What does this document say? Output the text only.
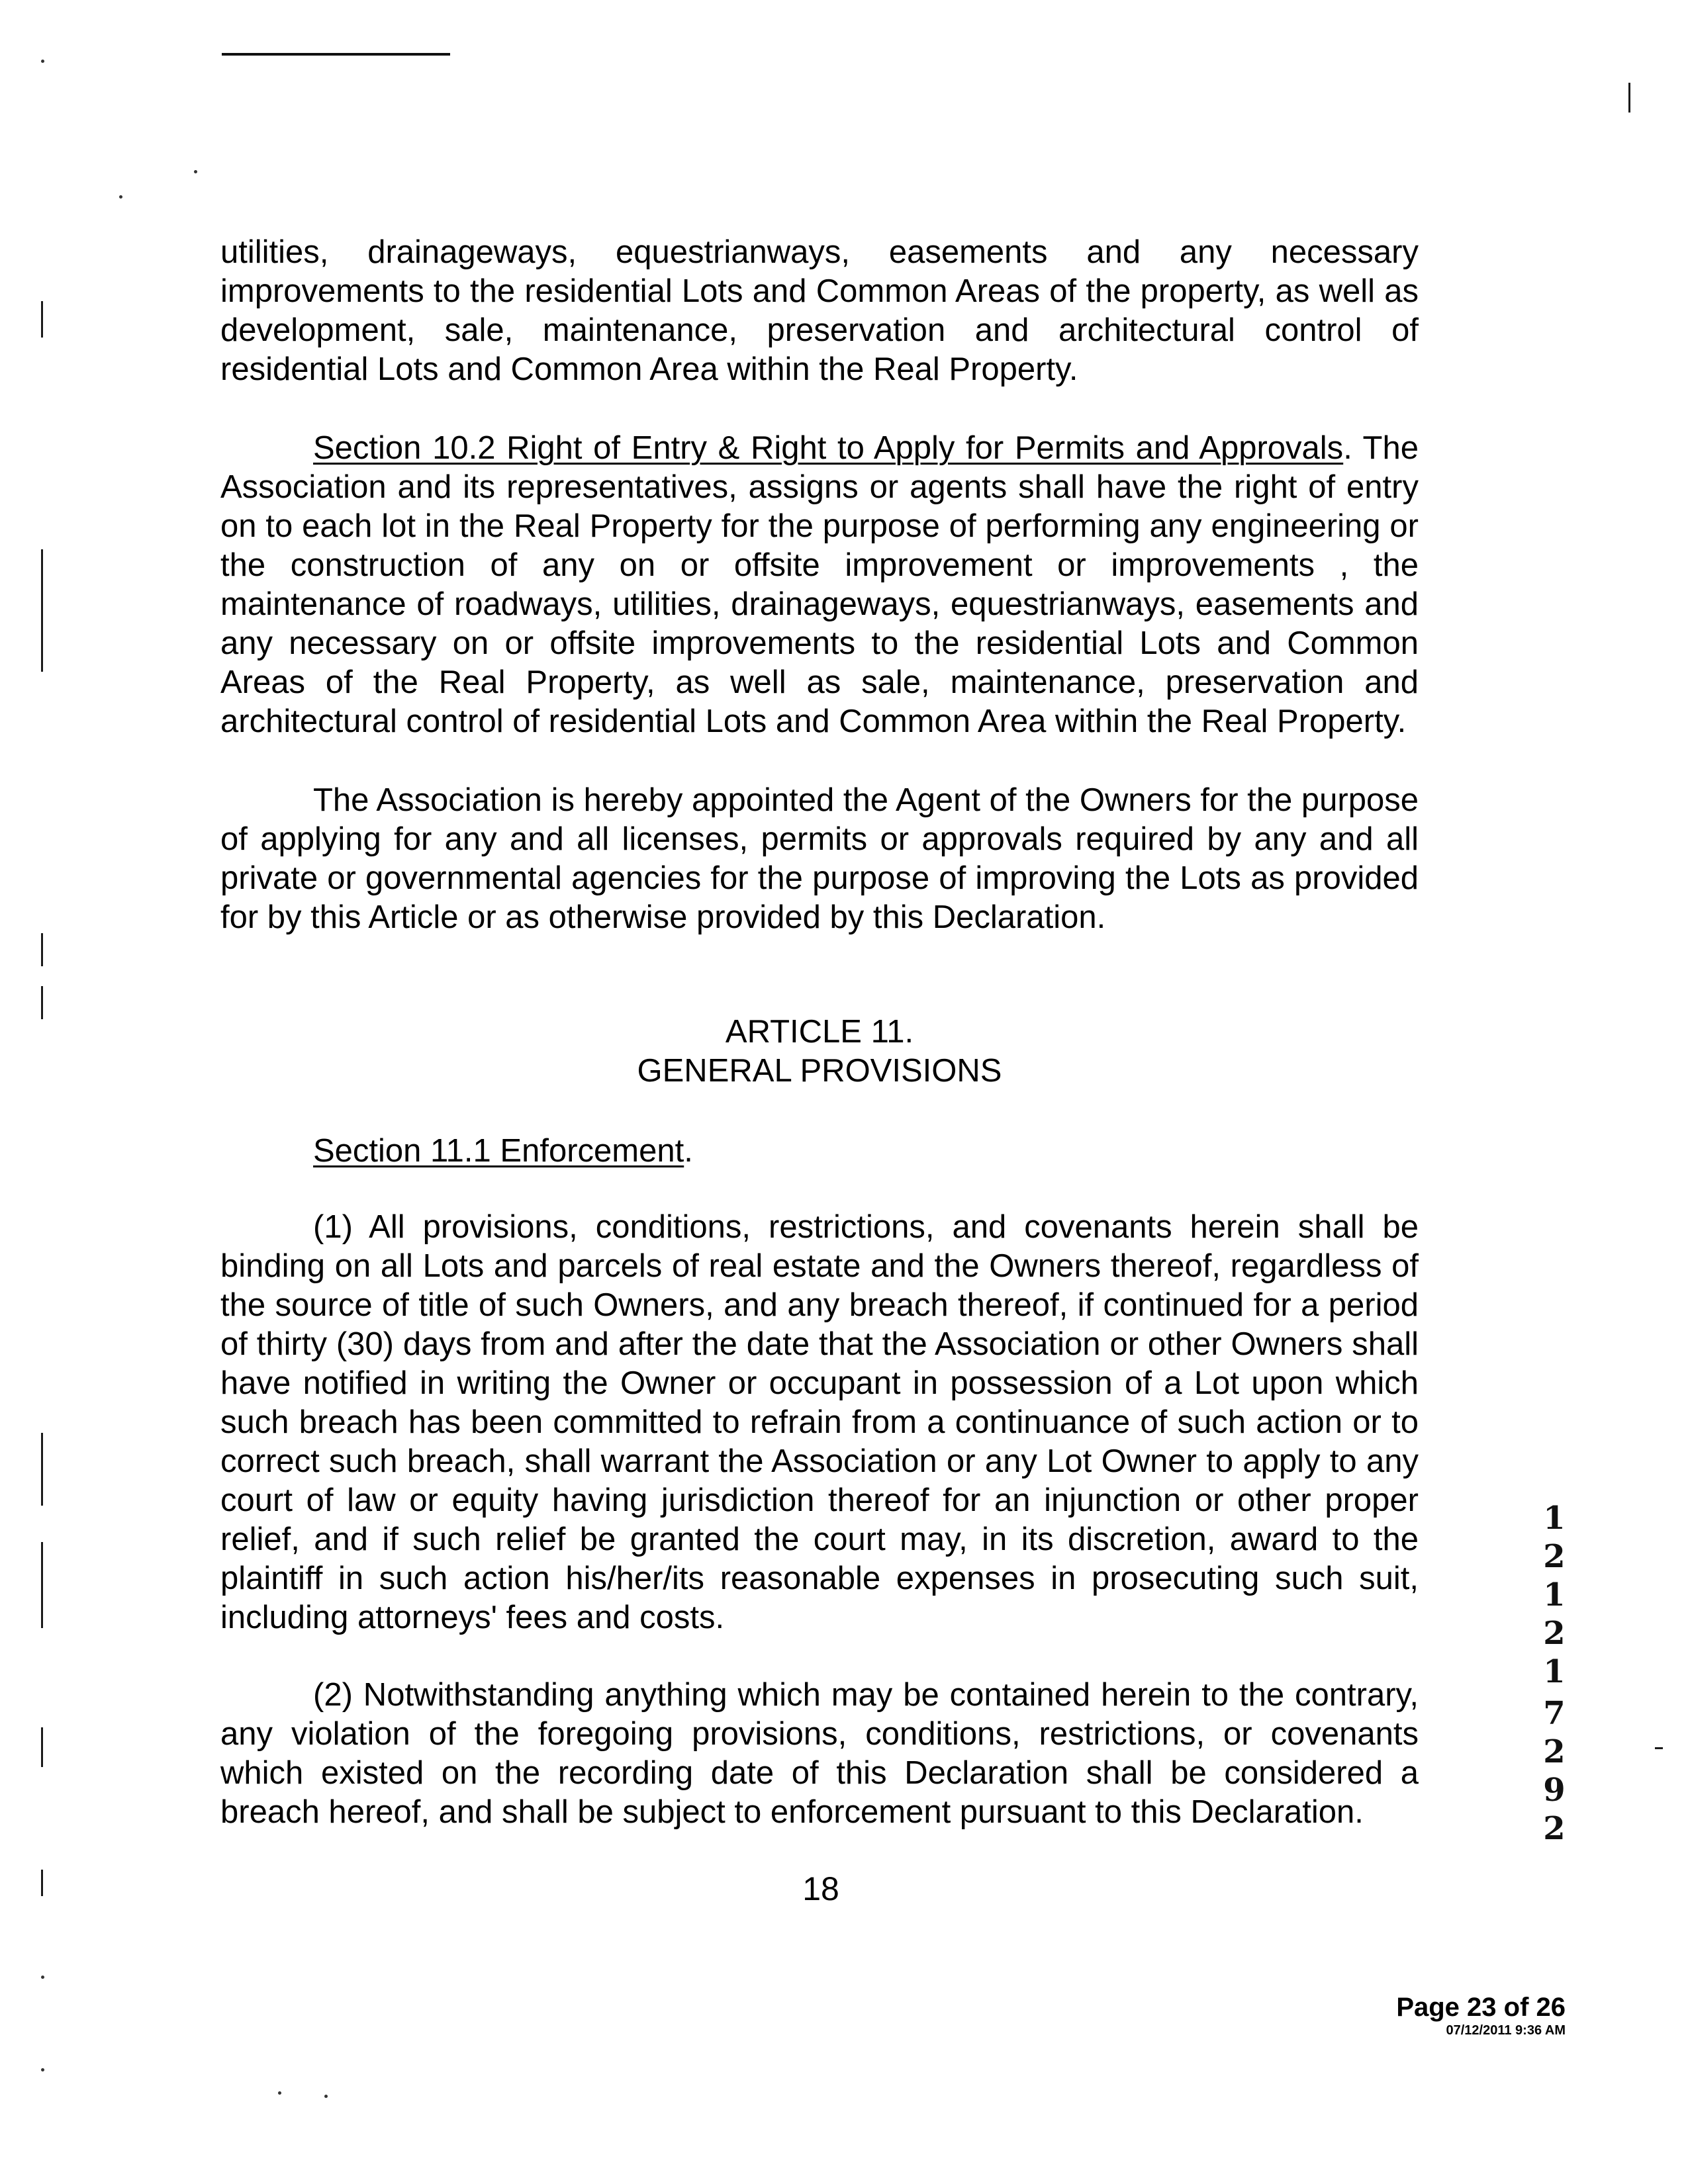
utilities, drainageways, equestrianways, easements and any necessary improvements to the residential Lots and Common Areas of the property, as well as development, sale, maintenance, preservation and architectural control of residential Lots and Common Area within the Real Property.

Section 10.2 Right of Entry & Right to Apply for Permits and Approvals. The Association and its representatives, assigns or agents shall have the right of entry on to each lot in the Real Property for the purpose of performing any engineering or the construction of any on or offsite improvement or improvements , the maintenance of roadways, utilities, drainageways, equestrianways, easements and any necessary on or offsite improvements to the residential Lots and Common Areas of the Real Property, as well as sale, maintenance, preservation and architectural control of residential Lots and Common Area within the Real Property.

The Association is hereby appointed the Agent of the Owners for the purpose of applying for any and all licenses, permits or approvals required by any and all private or governmental agencies for the purpose of improving the Lots as provided for by this Article or as otherwise provided by this Declaration.

ARTICLE 11.
GENERAL PROVISIONS
Section 11.1 Enforcement.

(1) All provisions, conditions, restrictions, and covenants herein shall be binding on all Lots and parcels of real estate and the Owners thereof, regardless of the source of title of such Owners, and any breach thereof, if continued for a period of thirty (30) days from and after the date that the Association or other Owners shall have notified in writing the Owner or occupant in possession of a Lot upon which such breach has been committed to refrain from a continuance of such action or to correct such breach, shall warrant the Association or any Lot Owner to apply to any court of law or equity having jurisdiction thereof for an injunction or other proper relief, and if such relief be granted the court may, in its discretion, award to the plaintiff in such action his/her/its reasonable expenses in prosecuting such suit, including attorneys' fees and costs.

(2) Notwithstanding anything which may be contained herein to the contrary, any violation of the foregoing provisions, conditions, restrictions, or covenants which existed on the recording date of this Declaration shall be considered a breach hereof, and shall be subject to enforcement pursuant to this Declaration.

18
Page 23 of 26
07/12/2011 9:36 AM
1
2
1
2
1
7
2
9
2
